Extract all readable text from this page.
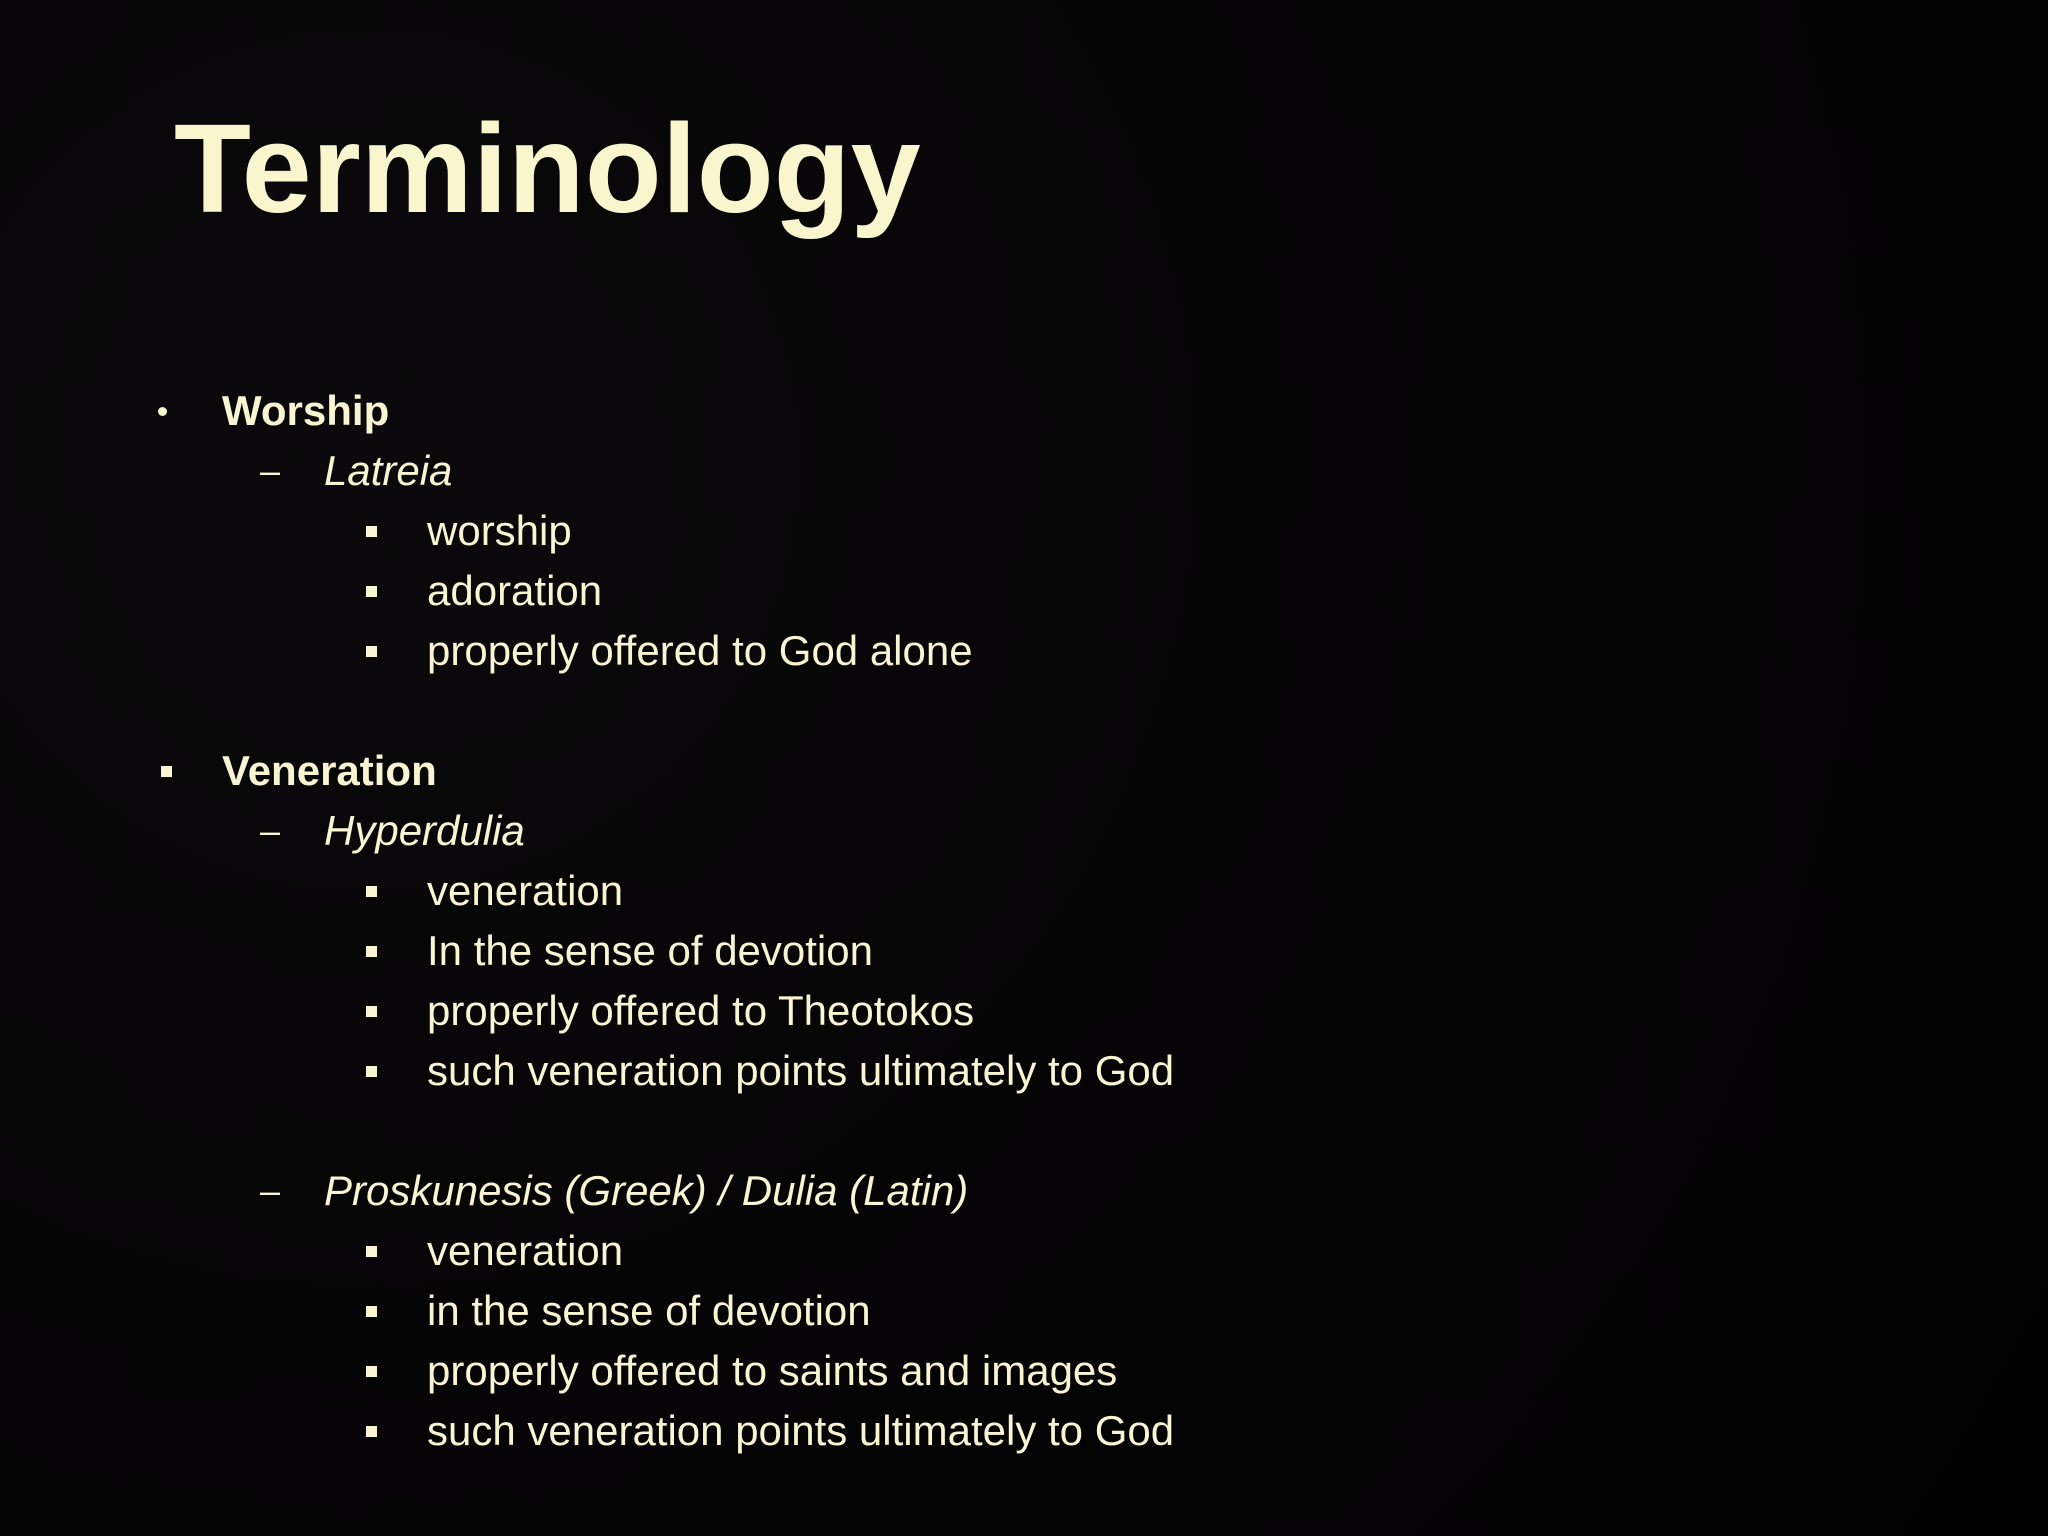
Terminology
Worship
– Latreia
worship
adoration
properly offered to God alone
Veneration
– Hyperdulia
veneration
In the sense of devotion
properly offered to Theotokos
such veneration points ultimately to God
– Proskunesis (Greek) / Dulia (Latin)
veneration
in the sense of devotion
properly offered to saints and images
such veneration points ultimately to God
